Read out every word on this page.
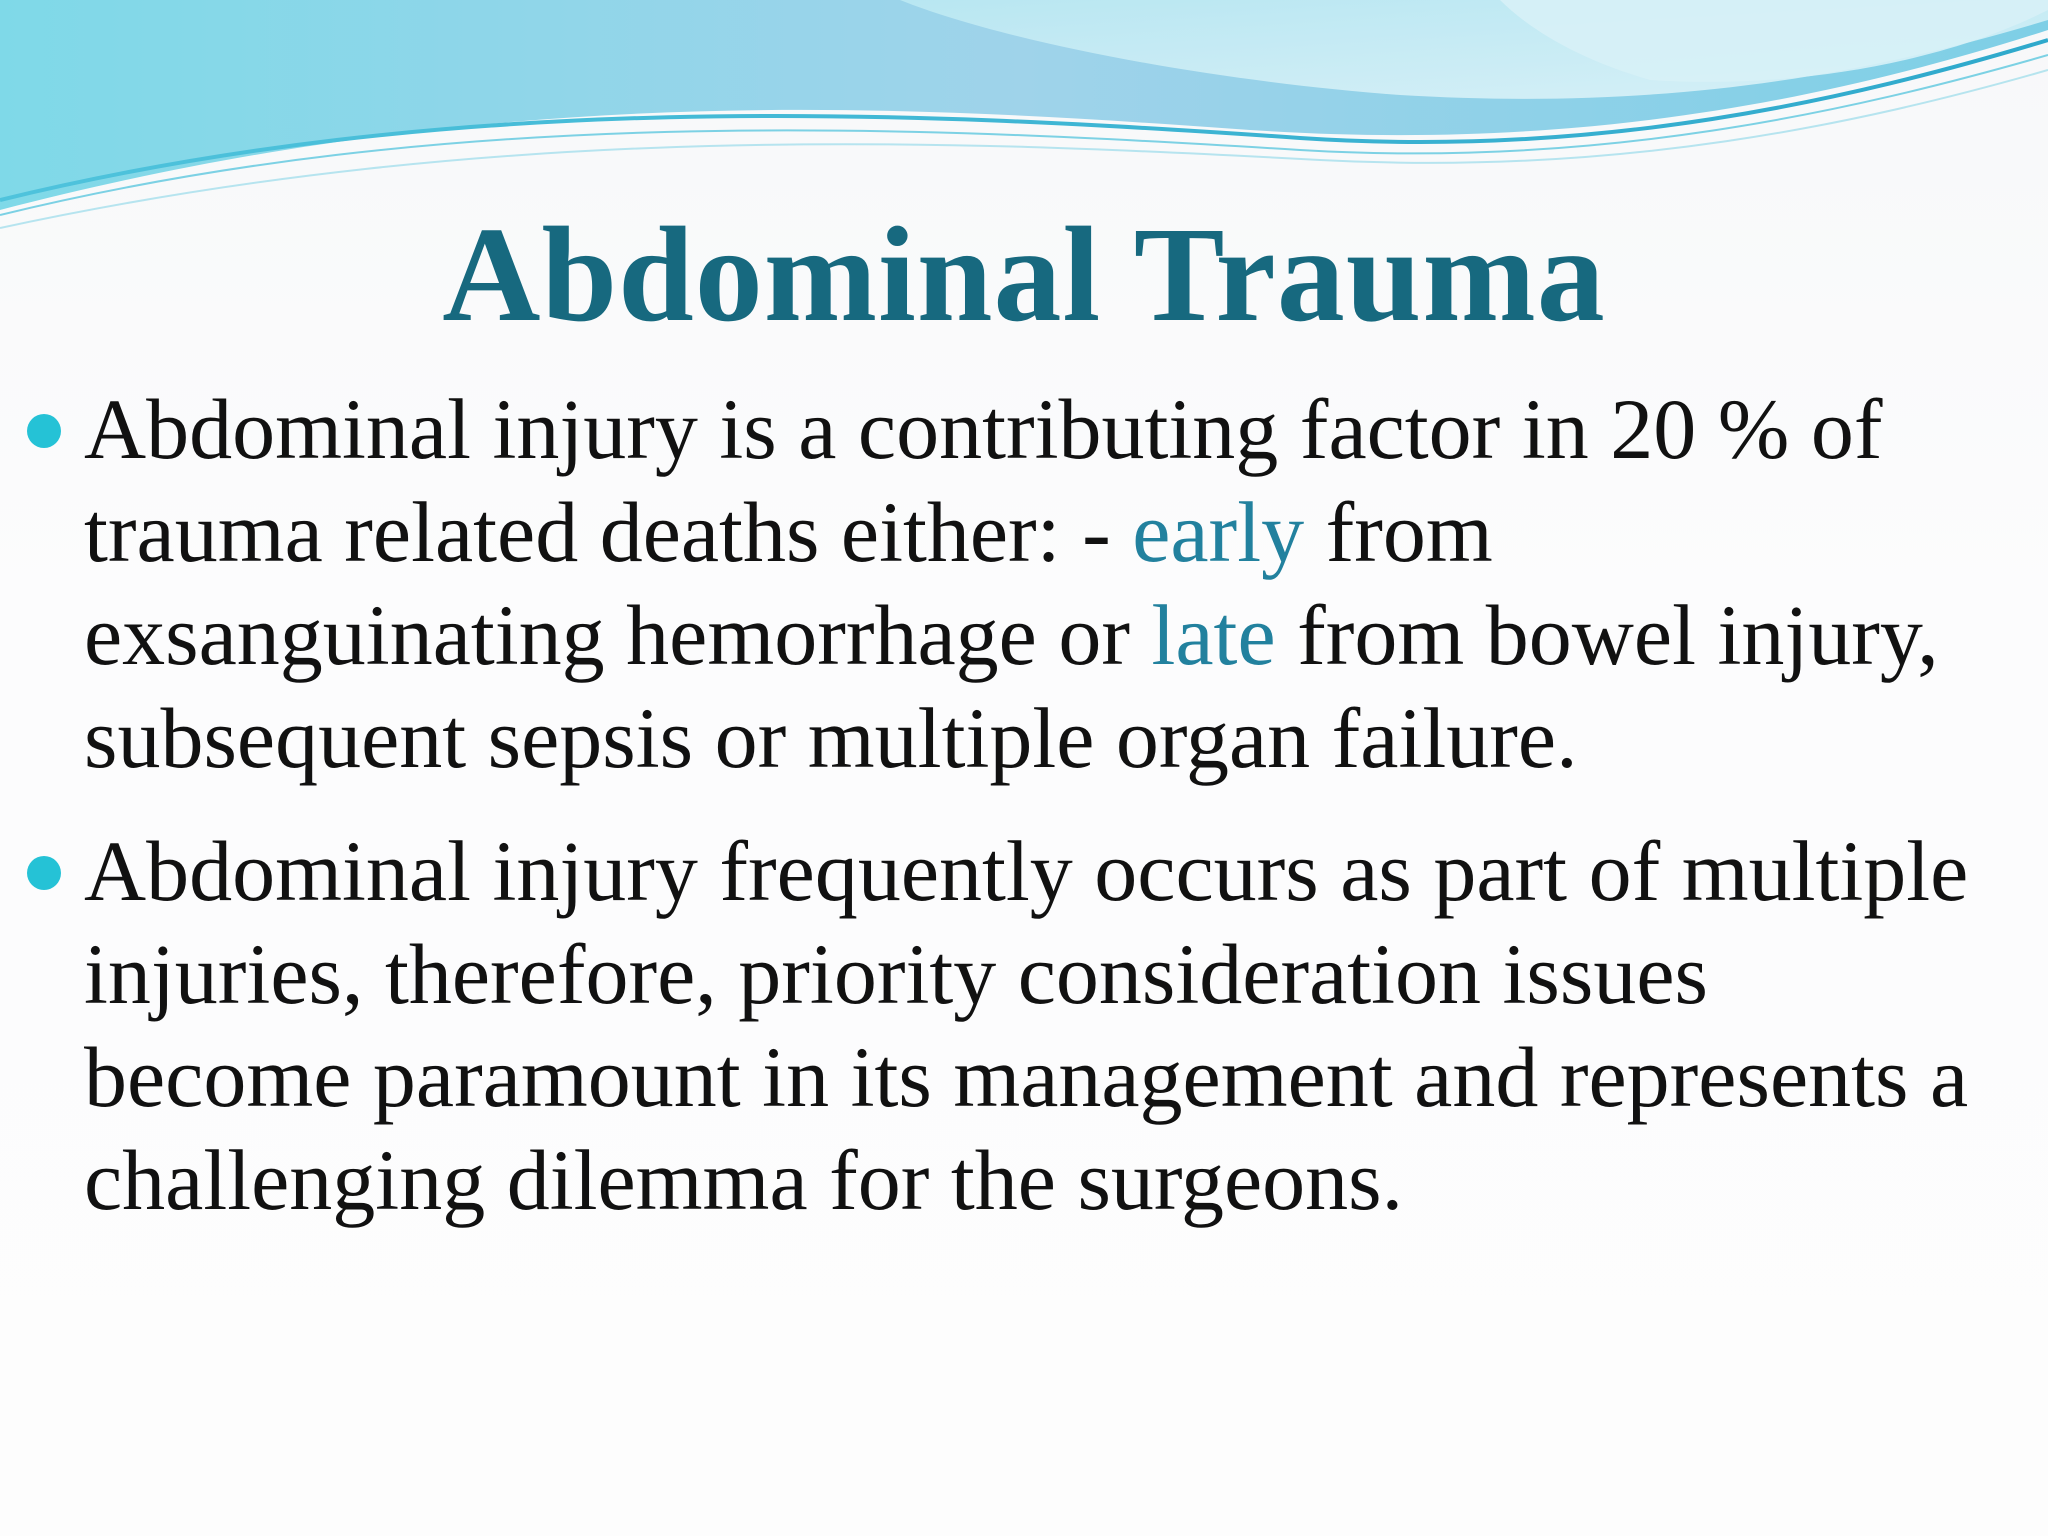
Abdominal Trauma
Abdominal injury is a contributing factor in 20 % of trauma related deaths either: - early from exsanguinating hemorrhage or late from bowel injury, subsequent sepsis or multiple organ failure.
Abdominal injury frequently occurs as part of multiple injuries, therefore, priority consideration issues become paramount in its management and represents a challenging dilemma for the surgeons.
